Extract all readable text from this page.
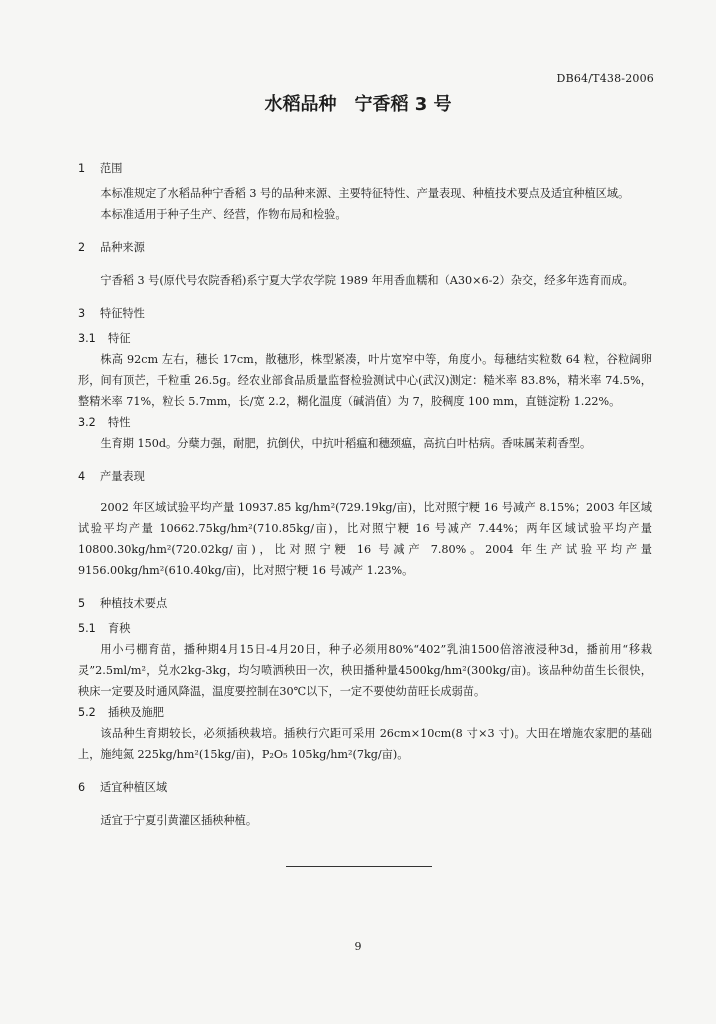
DB64/T438-2006
水稻品种　宁香稻 3 号
1 范围

本标准规定了水稻品种宁香稻 3 号的品种来源、主要特征特性、产量表现、种植技术要点及适宜种植区域。

本标准适用于种子生产、经营，作物布局和检验。

2 品种来源

宁香稻 3 号(原代号农院香稻)系宁夏大学农学院 1989 年用香血糯和（A30×6-2）杂交，经多年选育而成。

3 特征特性
3.1 特征

株高 92cm 左右，穗长 17cm，散穗形，株型紧凑，叶片宽窄中等，角度小。每穗结实粒数 64 粒，谷粒阔卵形，间有顶芒，千粒重 26.5g。经农业部食品质量监督检验测试中心(武汉)测定：糙米率 83.8%，精米率 74.5%，整精米率 71%，粒长 5.7mm，长/宽 2.2，糊化温度（碱消值）为 7，胶稠度 100 mm，直链淀粉 1.22%。

3.2 特性

生育期 150d。分蘖力强，耐肥，抗倒伏，中抗叶稻瘟和穗颈瘟，高抗白叶枯病。香味属茉莉香型。

4 产量表现

2002 年区域试验平均产量 10937.85 kg/hm²(729.19kg/亩)，比对照宁粳 16 号减产 8.15%；2003 年区域试验平均产量 10662.75kg/hm²(710.85kg/亩)，比对照宁粳 16 号减产 7.44%；两年区域试验平均产量 10800.30kg/hm²(720.02kg/亩)，比对照宁粳 16 号减产 7.80%。2004 年生产试验平均产量 9156.00kg/hm²(610.40kg/亩)，比对照宁粳 16 号减产 1.23%。

5 种植技术要点
5.1 育秧

用小弓棚育苗，播种期4月15日-4月20日，种子必须用80%“402”乳油1500倍溶液浸种3d，播前用“移栽灵”2.5ml/m²，兑水2kg-3kg，均匀喷洒秧田一次，秧田播种量4500kg/hm²(300kg/亩)。该品种幼苗生长很快，秧床一定要及时通风降温，温度要控制在30℃以下，一定不要使幼苗旺长成弱苗。

5.2 插秧及施肥

该品种生育期较长，必须插秧栽培。插秧行穴距可采用 26cm×10cm(8 寸×3 寸)。大田在增施农家肥的基础上，施纯氮 225kg/hm²(15kg/亩)，P₂O₅ 105kg/hm²(7kg/亩)。

6 适宜种植区域

适宜于宁夏引黄灌区插秧种植。

9
